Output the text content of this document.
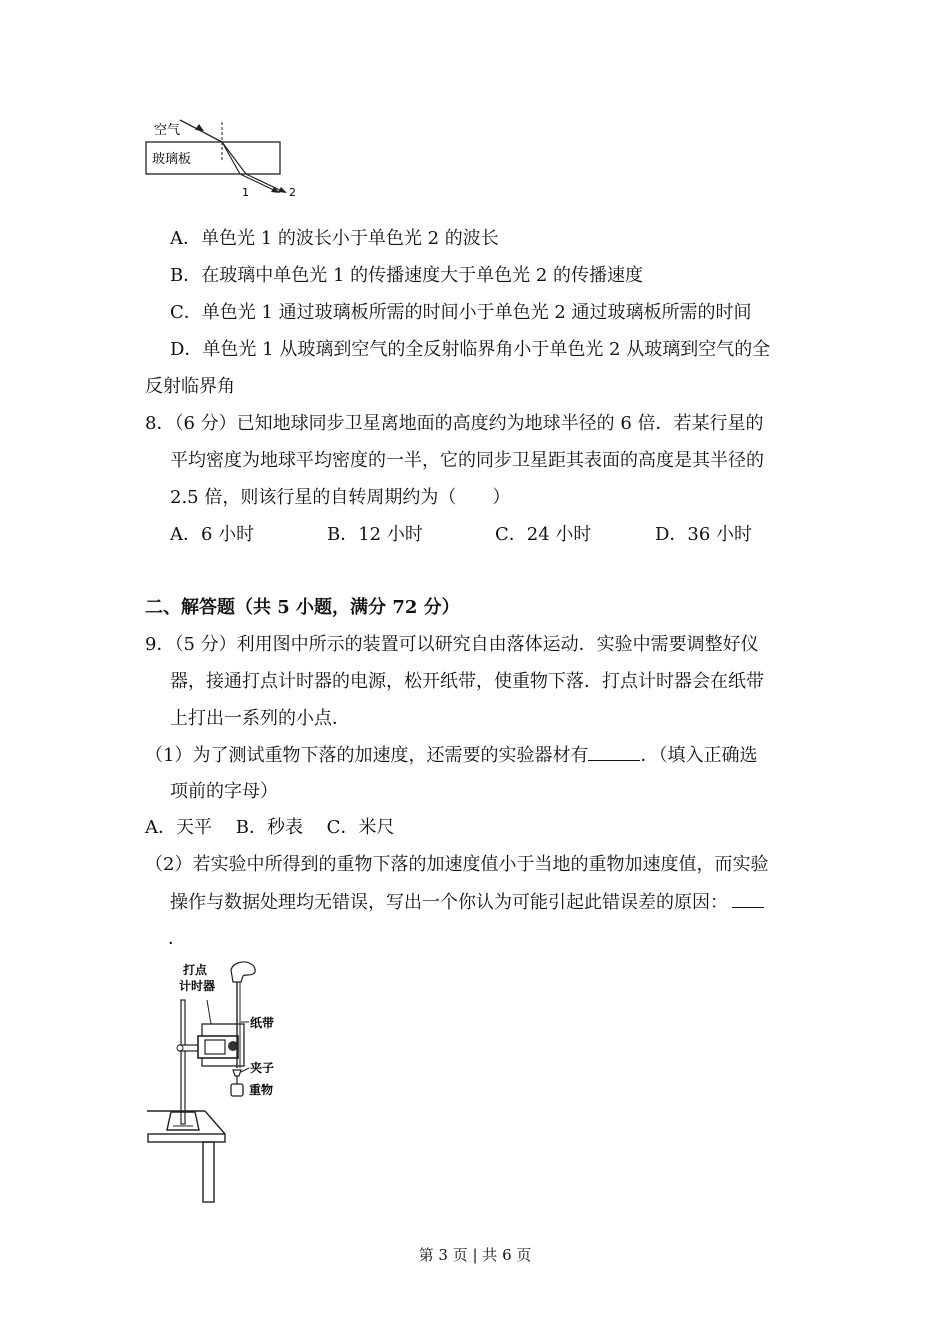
空气
玻璃板
1	2
A．单色光 1 的波长小于单色光 2 的波长
B．在玻璃中单色光 1 的传播速度大于单色光 2 的传播速度
C．单色光 1 通过玻璃板所需的时间小于单色光 2 通过玻璃板所需的时间
D．单色光 1 从玻璃到空气的全反射临界角小于单色光 2 从玻璃到空气的全
反射临界角
8．（6 分）已知地球同步卫星离地面的高度约为地球半径的 6 倍．若某行星的
平均密度为地球平均密度的一半，它的同步卫星距其表面的高度是其半径的
2.5 倍，则该行星的自转周期约为（　　）
A．6 小时	B．12 小时	C．24 小时	D．36 小时
二、解答题（共 5 小题，满分 72 分）
9．（5 分）利用图中所示的装置可以研究自由落体运动．实验中需要调整好仪
器，接通打点计时器的电源，松开纸带，使重物下落．打点计时器会在纸带
上打出一系列的小点．
（1）为了测试重物下落的加速度，还需要的实验器材有	．（填入正确选
项前的字母）
A．天平　 B．秒表　 C．米尺
（2）若实验中所得到的重物下落的加速度值小于当地的重物加速度值，而实验
操作与数据处理均无错误，写出一个你认为可能引起此错误差的原因：
．
打点
计时器
纸带
夹子
重物
第 3 页 | 共 6 页
